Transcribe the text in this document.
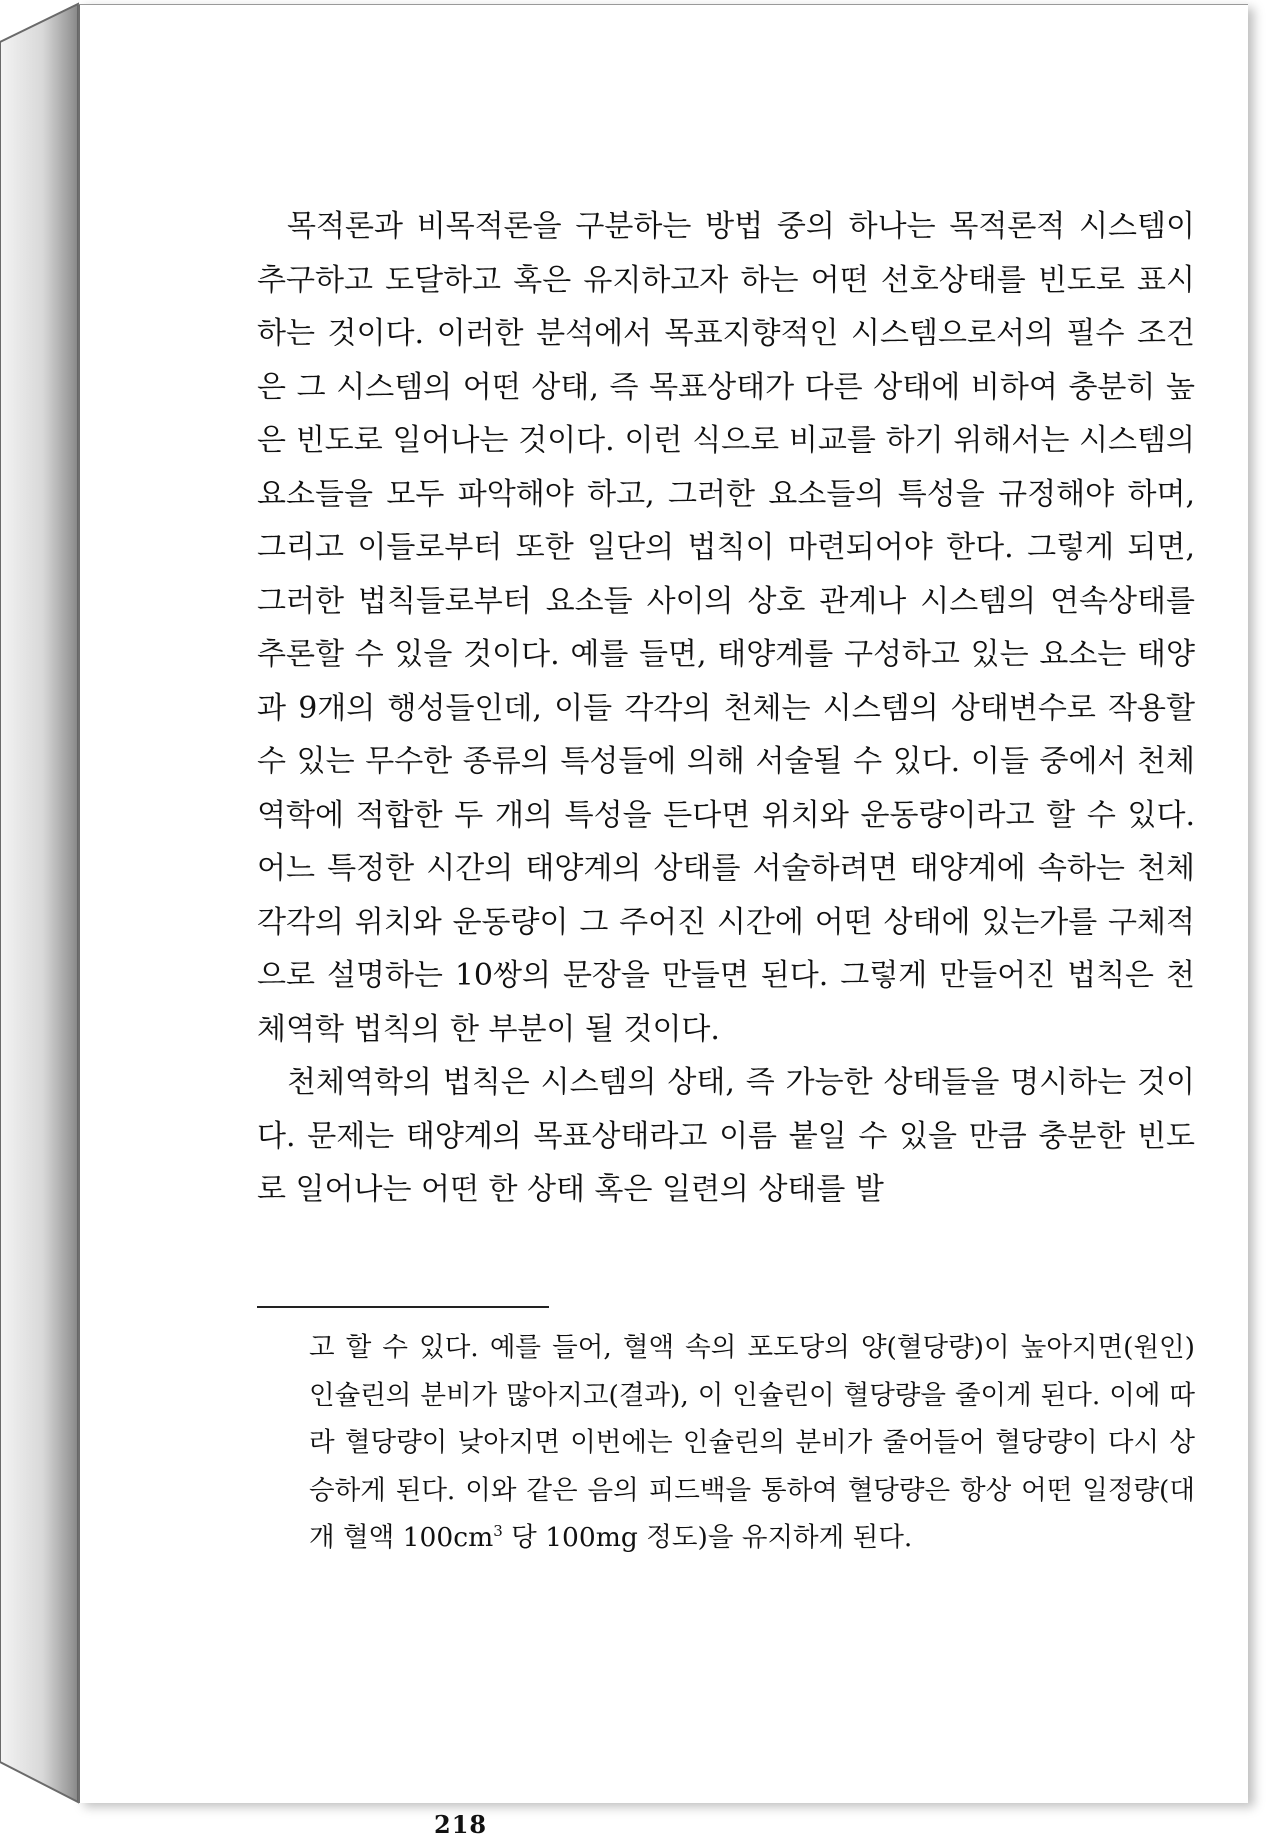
목적론과 비목적론을 구분하는 방법 중의 하나는 목적론적 시스템이 추구하고 도달하고 혹은 유지하고자 하는 어떤 선호상태를 빈도로 표시하는 것이다. 이러한 분석에서 목표지향적인 시스템으로서의 필수 조건은 그 시스템의 어떤 상태, 즉 목표상태가 다른 상태에 비하여 충분히 높은 빈도로 일어나는 것이다. 이런 식으로 비교를 하기 위해서는 시스템의 요소들을 모두 파악해야 하고, 그러한 요소들의 특성을 규정해야 하며, 그리고 이들로부터 또한 일단의 법칙이 마련되어야 한다. 그렇게 되면, 그러한 법칙들로부터 요소들 사이의 상호 관계나 시스템의 연속상태를 추론할 수 있을 것이다. 예를 들면, 태양계를 구성하고 있는 요소는 태양과 9개의 행성들인데, 이들 각각의 천체는 시스템의 상태변수로 작용할 수 있는 무수한 종류의 특성들에 의해 서술될 수 있다. 이들 중에서 천체역학에 적합한 두 개의 특성을 든다면 위치와 운동량이라고 할 수 있다. 어느 특정한 시간의 태양계의 상태를 서술하려면 태양계에 속하는 천체 각각의 위치와 운동량이 그 주어진 시간에 어떤 상태에 있는가를 구체적으로 설명하는 10쌍의 문장을 만들면 된다. 그렇게 만들어진 법칙은 천체역학 법칙의 한 부분이 될 것이다.

천체역학의 법칙은 시스템의 상태, 즉 가능한 상태들을 명시하는 것이다. 문제는 태양계의 목표상태라고 이름 붙일 수 있을 만큼 충분한 빈도로 일어나는 어떤 한 상태 혹은 일련의 상태를 발

고 할 수 있다. 예를 들어, 혈액 속의 포도당의 양(혈당량)이 높아지면(원인) 인슐린의 분비가 많아지고(결과), 이 인슐린이 혈당량을 줄이게 된다. 이에 따라 혈당량이 낮아지면 이번에는 인슐린의 분비가 줄어들어 혈당량이 다시 상승하게 된다. 이와 같은 음의 피드백을 통하여 혈당량은 항상 어떤 일정량(대개 혈액 $100cm^3$ 당 100mg 정도)을 유지하게 된다.

218
